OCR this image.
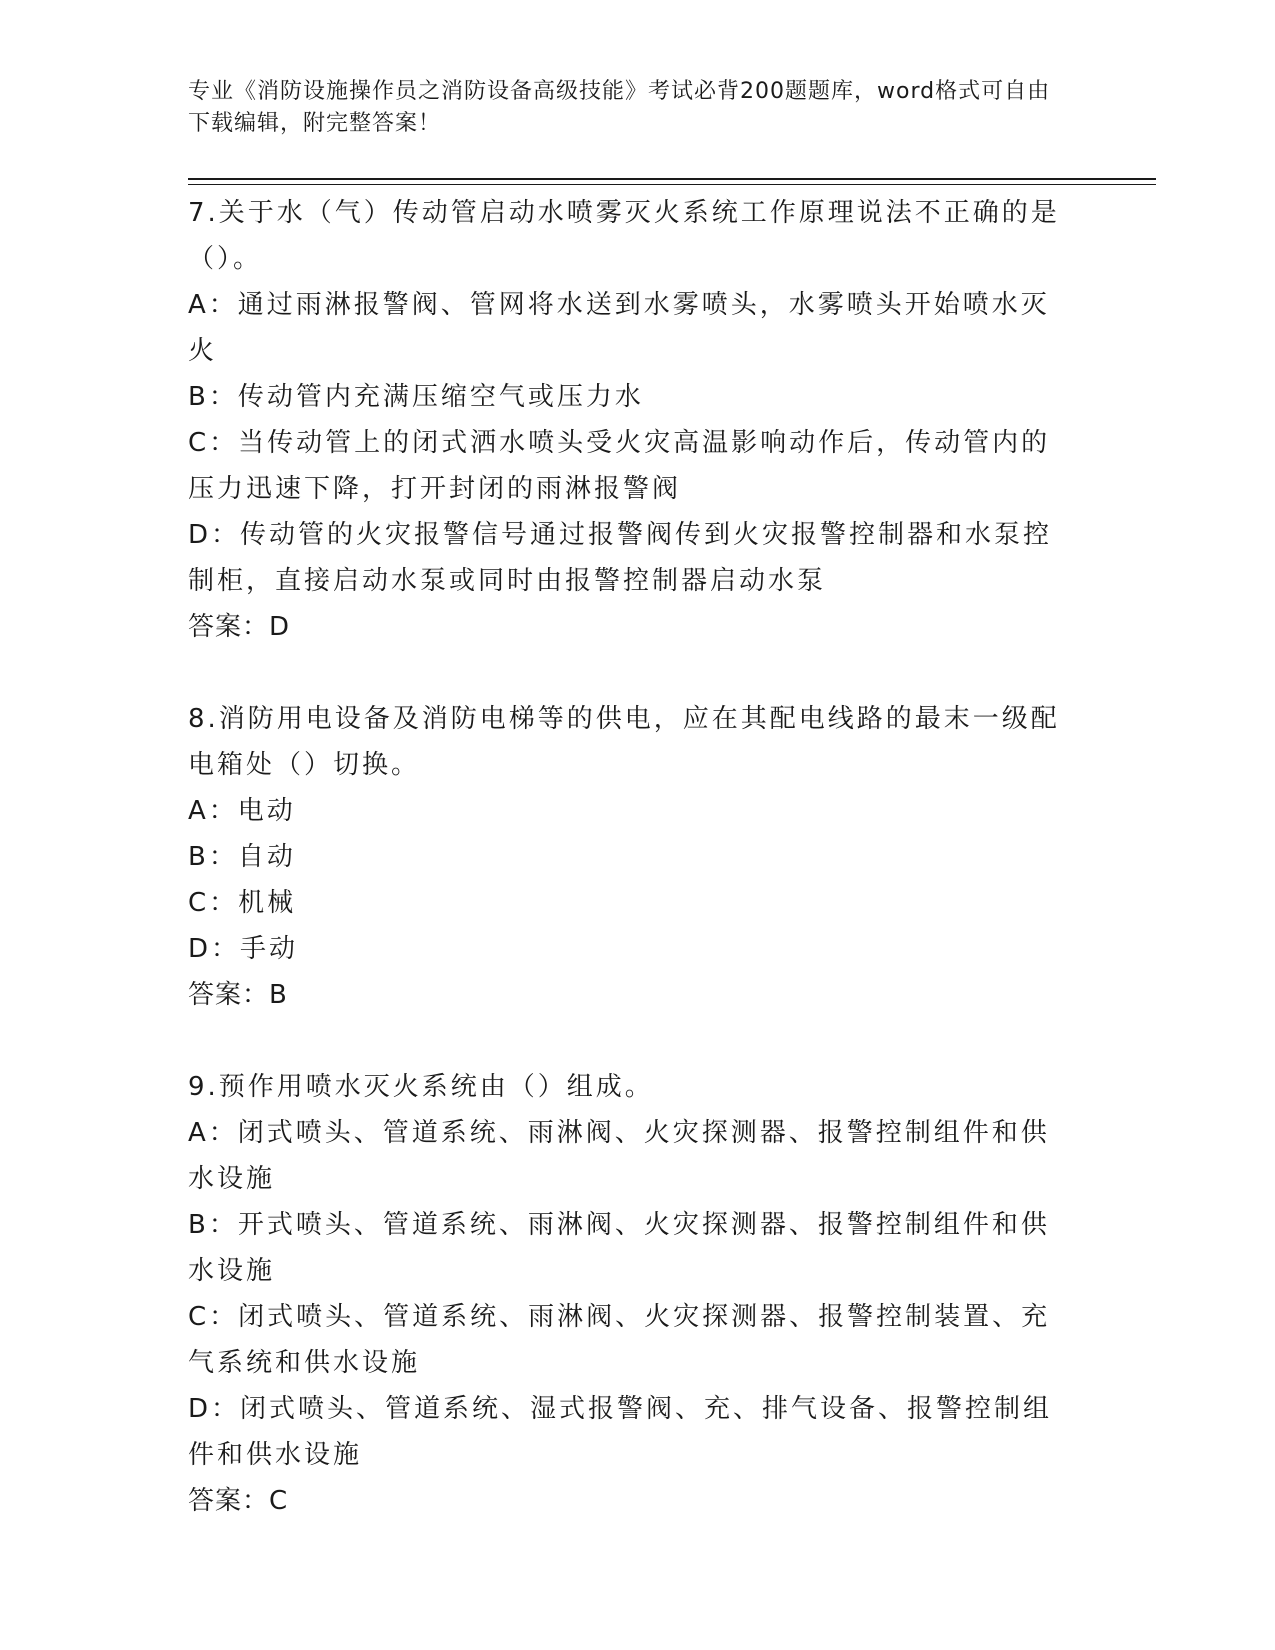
专业《消防设施操作员之消防设备高级技能》考试必背200题题库，word格式可自由下载编辑，附完整答案！

7.关于水（气）传动管启动水喷雾灭火系统工作原理说法不正确的是（）。

A：通过雨淋报警阀、管网将水送到水雾喷头，水雾喷头开始喷水灭火

B：传动管内充满压缩空气或压力水

C：当传动管上的闭式洒水喷头受火灾高温影响动作后，传动管内的压力迅速下降，打开封闭的雨淋报警阀

D：传动管的火灾报警信号通过报警阀传到火灾报警控制器和水泵控制柜，直接启动水泵或同时由报警控制器启动水泵

答案： D

8.消防用电设备及消防电梯等的供电，应在其配电线路的最末一级配电箱处（）切换。

A：电动

B：自动

C：机械

D：手动

答案： B

9.预作用喷水灭火系统由（）组成。

A：闭式喷头、管道系统、雨淋阀、火灾探测器、报警控制组件和供水设施

B：开式喷头、管道系统、雨淋阀、火灾探测器、报警控制组件和供水设施

C：闭式喷头、管道系统、雨淋阀、火灾探测器、报警控制装置、充气系统和供水设施

D：闭式喷头、管道系统、湿式报警阀、充、排气设备、报警控制组件和供水设施

答案： C
